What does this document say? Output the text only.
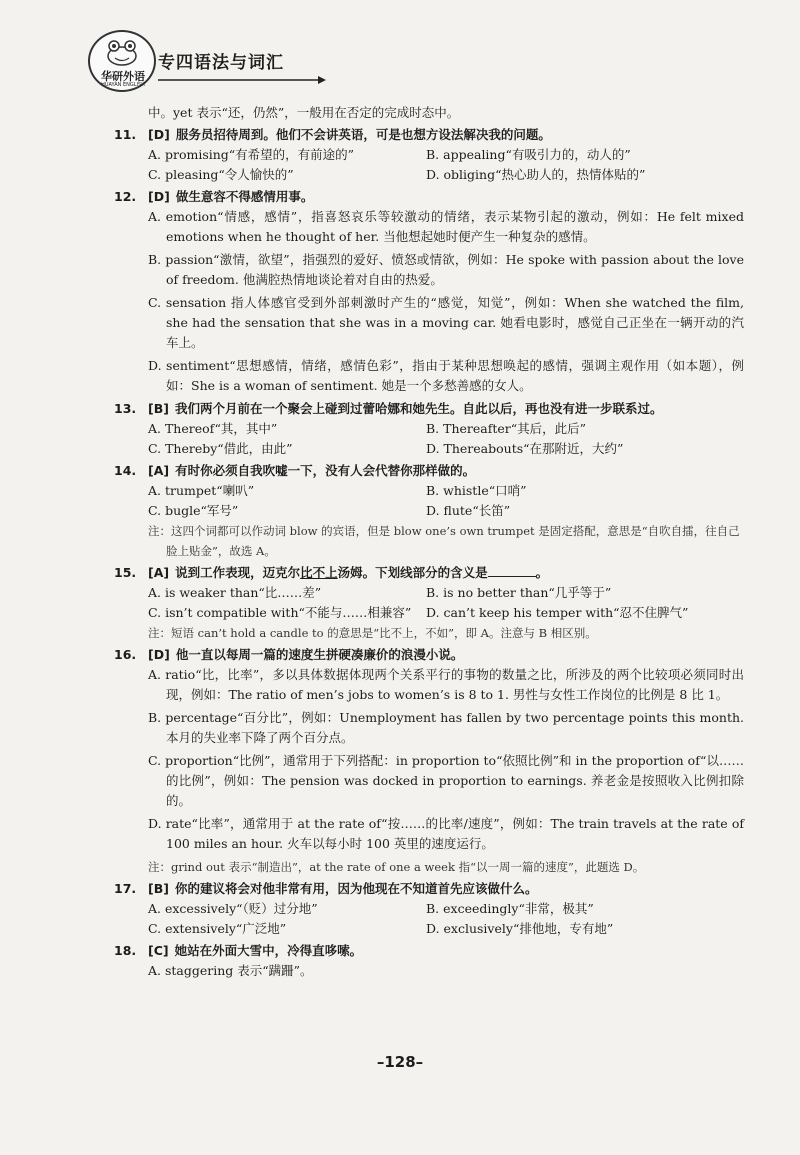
华研外语
HUAYAN ENGLISH
专四语法与词汇
中。yet 表示“还，仍然”，一般用在否定的完成时态中。
11. [D] 服务员招待周到。他们不会讲英语，可是也想方设法解决我的问题。
A. promising“有希望的，有前途的”	B. appealing“有吸引力的，动人的”
C. pleasing“令人愉快的”	D. obliging“热心助人的，热情体贴的”
12. [D] 做生意容不得感情用事。
A. emotion“情感，感情”，指喜怒哀乐等较激动的情绪，表示某物引起的激动，例如：He felt mixed emotions when he thought of her. 当他想起她时便产生一种复杂的感情。
B. passion“激情，欲望”，指强烈的爱好、愤怒或情欲，例如：He spoke with passion about the love of freedom. 他满腔热情地谈论着对自由的热爱。
C. sensation 指人体感官受到外部刺激时产生的“感觉，知觉”，例如：When she watched the film, she had the sensation that she was in a moving car. 她看电影时，感觉自己正坐在一辆开动的汽车上。
D. sentiment“思想感情，情绪，感情色彩”，指由于某种思想唤起的感情，强调主观作用（如本题），例如：She is a woman of sentiment. 她是一个多愁善感的女人。
13. [B] 我们两个月前在一个聚会上碰到过蕾哈娜和她先生。自此以后，再也没有进一步联系过。
A. Thereof“其，其中”	B. Thereafter“其后，此后”
C. Thereby“借此，由此”	D. Thereabouts“在那附近，大约”
14. [A] 有时你必须自我吹嘘一下，没有人会代替你那样做的。
A. trumpet“喇叭”	B. whistle“口哨”
C. bugle“军号”	D. flute“长笛”
注：这四个词都可以作动词 blow 的宾语，但是 blow one’s own trumpet 是固定搭配，意思是“自吹自擂，往自己脸上贴金”，故选 A。
15. [A] 说到工作表现，迈克尔比不上汤姆。下划线部分的含义是	。
A. is weaker than“比……差”	B. is no better than“几乎等于”
C. isn’t compatible with“不能与……相兼容”	D. can’t keep his temper with“忍不住脾气”
注：短语 can’t hold a candle to 的意思是“比不上，不如”，即 A。注意与 B 相区别。
16. [D] 他一直以每周一篇的速度生拼硬凑廉价的浪漫小说。
A. ratio“比，比率”，多以具体数据体现两个关系平行的事物的数量之比，所涉及的两个比较项必须同时出现，例如：The ratio of men’s jobs to women’s is 8 to 1. 男性与女性工作岗位的比例是 8 比 1。
B. percentage“百分比”，例如：Unemployment has fallen by two percentage points this month. 本月的失业率下降了两个百分点。
C. proportion“比例”，通常用于下列搭配：in proportion to“依照比例”和 in the proportion of“以……的比例”，例如：The pension was docked in proportion to earnings. 养老金是按照收入比例扣除的。
D. rate“比率”，通常用于 at the rate of“按……的比率/速度”，例如：The train travels at the rate of 100 miles an hour. 火车以每小时 100 英里的速度运行。
注：grind out 表示“制造出”，at the rate of one a week 指“以一周一篇的速度”，此题选 D。
17. [B] 你的建议将会对他非常有用，因为他现在不知道首先应该做什么。
A. excessively“（贬）过分地”	B. exceedingly“非常，极其”
C. extensively“广泛地”	D. exclusively“排他地，专有地”
18. [C] 她站在外面大雪中，冷得直哆嗦。
A. staggering 表示“蹒跚”。
–128–
